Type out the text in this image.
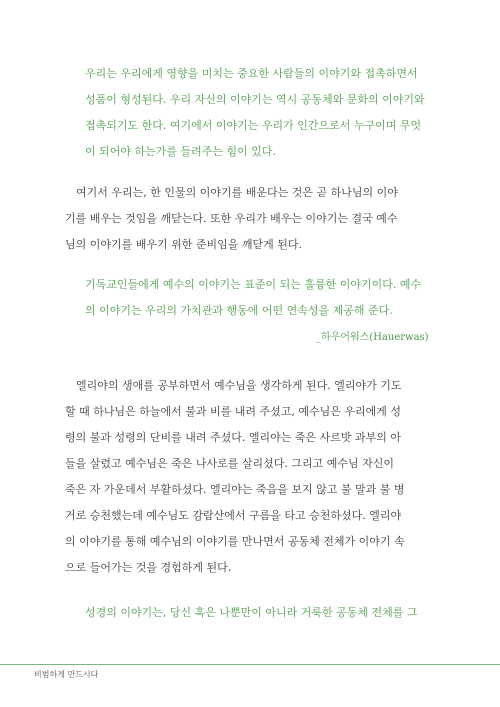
우리는 우리에게 영향을 미치는 중요한 사람들의 이야기와 접촉하면서
성품이 형성된다. 우리 자신의 이야기는 역시 공동체와 문화의 이야기와
접촉되기도 한다. 여기에서 이야기는 우리가 인간으로서 누구이며 무엇
이 되어야 하는가를 들려주는 힘이 있다.
여기서 우리는, 한 인물의 이야기를 배운다는 것은 곧 하나님의 이야
기를 배우는 것임을 깨닫는다. 또한 우리가 배우는 이야기는 결국 예수
님의 이야기를 배우기 위한 준비임을 깨닫게 된다.
기독교인들에게 예수의 이야기는 표준이 되는 훌륭한 이야기이다. 예수
의 이야기는 우리의 가치관과 행동에 어떤 연속성을 제공해 준다.
_하우어워스(Hauerwas)
엘리야의 생애를 공부하면서 예수님을 생각하게 된다. 엘리야가 기도
할 때 하나님은 하늘에서 불과 비를 내려 주셨고, 예수님은 우리에게 성
령의 불과 성령의 단비를 내려 주셨다. 엘리야는 죽은 사르밧 과부의 아
들을 살렸고 예수님은 죽은 나사로를 살리셨다. 그리고 예수님 자신이
죽은 자 가운데서 부활하셨다. 엘리야는 죽음을 보지 않고 불 말과 불 병
거로 승천했는데 예수님도 감람산에서 구름을 타고 승천하셨다. 엘리야
의 이야기를 통해 예수님의 이야기를 만나면서 공동체 전체가 이야기 속
으로 들어가는 것을 경험하게 된다.
성경의 이야기는, 당신 혹은 나뿐만이 아니라 거룩한 공동체 전체를 그
비범하게 만드시다
